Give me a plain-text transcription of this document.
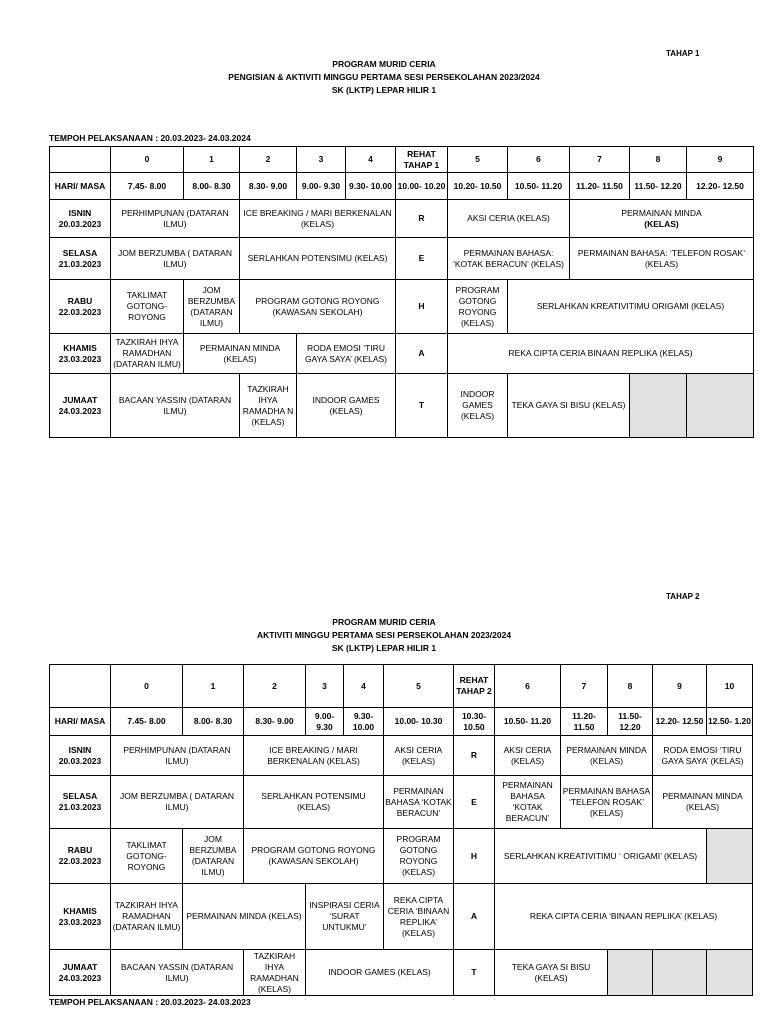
TAHAP 1
PROGRAM MURID CERIA
PENGISIAN & AKTIVITI MINGGU PERTAMA SESI PERSEKOLAHAN 2023/2024
SK (LKTP) LEPAR HILIR 1
TEMPOH PELAKSANAAN : 20.03.2023- 24.03.2024
	0	1	2	3	4	REHAT TAHAP 1	5	6	7	8	9
HARI/ MASA	7.45- 8.00	8.00- 8.30	8.30- 9.00	9.00- 9.30	9.30- 10.00	10.00- 10.20	10.20- 10.50	10.50- 11.20	11.20- 11.50	11.50- 12.20	12.20- 12.50

ISNIN
20.03.2023	PERHIMPUNAN (DATARAN ILMU)		ICE BREAKING / MARI BERKENALAN (KELAS)			R	AKSI CERIA (KELAS)		PERMAINAN MINDA
(KELAS)		

SELASA
21.03.2023	JOM BERZUMBA ( DATARAN ILMU)		SERLAHKAN POTENSIMU (KELAS)			E	PERMAINAN BAHASA: ‘KOTAK BERACUN’ (KELAS)		PERMAINAN BAHASA: ‘TELEFON ROSAK’ (KELAS)		

RABU
22.03.2023	TAKLIMAT GOTONG- ROYONG	JOM BERZUMBA (DATARAN ILMU)	PROGRAM GOTONG ROYONG (KAWASAN SEKOLAH)			H	PROGRAM GOTONG ROYONG (KELAS)	SERLAHKAN KREATIVITIMU ORIGAMI (KELAS)			

KHAMIS
23.03.2023	TAZKIRAH IHYA RAMADHAN (DATARAN ILMU)	PERMAINAN MINDA (KELAS)		RODA EMOSI ‘TIRU GAYA SAYA’ (KELAS)		A	REKA CIPTA CERIA BINAAN REPLIKA (KELAS)				

JUMAAT
24.03.2023	BACAAN YASSIN (DATARAN ILMU)		TAZKIRAH IHYA RAMADHA N (KELAS)	INDOOR GAMES (KELAS)		T	INDOOR GAMES (KELAS)	TEKA GAYA SI BISU (KELAS)			
TAHAP 2
PROGRAM MURID CERIA
AKTIVITI MINGGU PERTAMA SESI PERSEKOLAHAN 2023/2024
SK (LKTP) LEPAR HILIR 1
	0	1	2	3	4	5	REHAT TAHAP 2	6	7	8	9	10
HARI/ MASA	7.45- 8.00	8.00- 8.30	8.30- 9.00	9.00- 9.30	9.30- 10.00	10.00- 10.30	10.30- 10.50	10.50- 11.20	11.20- 11.50	11.50- 12.20	12.20- 12.50	12.50- 1.20

ISNIN
20.03.2023	PERHIMPUNAN (DATARAN ILMU)		ICE BREAKING / MARI BERKENALAN (KELAS)			AKSI CERIA (KELAS)	R	AKSI CERIA (KELAS)	PERMAINAN MINDA (KELAS)		RODA EMOSI ‘TIRU GAYA SAYA’ (KELAS)	

SELASA
21.03.2023	JOM BERZUMBA ( DATARAN ILMU)		SERLAHKAN POTENSIMU (KELAS)			PERMAINAN BAHASA ‘KOTAK BERACUN’	E	PERMAINAN BAHASA ‘KOTAK BERACUN’	PERMAINAN BAHASA ‘TELEFON ROSAK’ (KELAS)		PERMAINAN MINDA (KELAS)	

RABU
22.03.2023	TAKLIMAT GOTONG- ROYONG	JOM BERZUMBA (DATARAN ILMU)	PROGRAM GOTONG ROYONG (KAWASAN SEKOLAH)			PROGRAM GOTONG ROYONG (KELAS)	H	SERLAHKAN KREATIVITIMU ‘ ORIGAMI’ (KELAS)				

KHAMIS
23.03.2023	TAZKIRAH IHYA RAMADHAN (DATARAN ILMU)	PERMAINAN MINDA (KELAS)		INSPIRASI CERIA ‘SURAT UNTUKMU’		REKA CIPTA CERIA ‘BINAAN REPLIKA’ (KELAS)	A	REKA CIPTA CERIA ‘BINAAN REPLIKA’ (KELAS)				

JUMAAT
24.03.2023	BACAAN YASSIN (DATARAN ILMU)		TAZKIRAH IHYA RAMADHAN (KELAS)	INDOOR GAMES (KELAS)			T	TEKA GAYA SI BISU (KELAS)				
TEMPOH PELAKSANAAN : 20.03.2023- 24.03.2023
